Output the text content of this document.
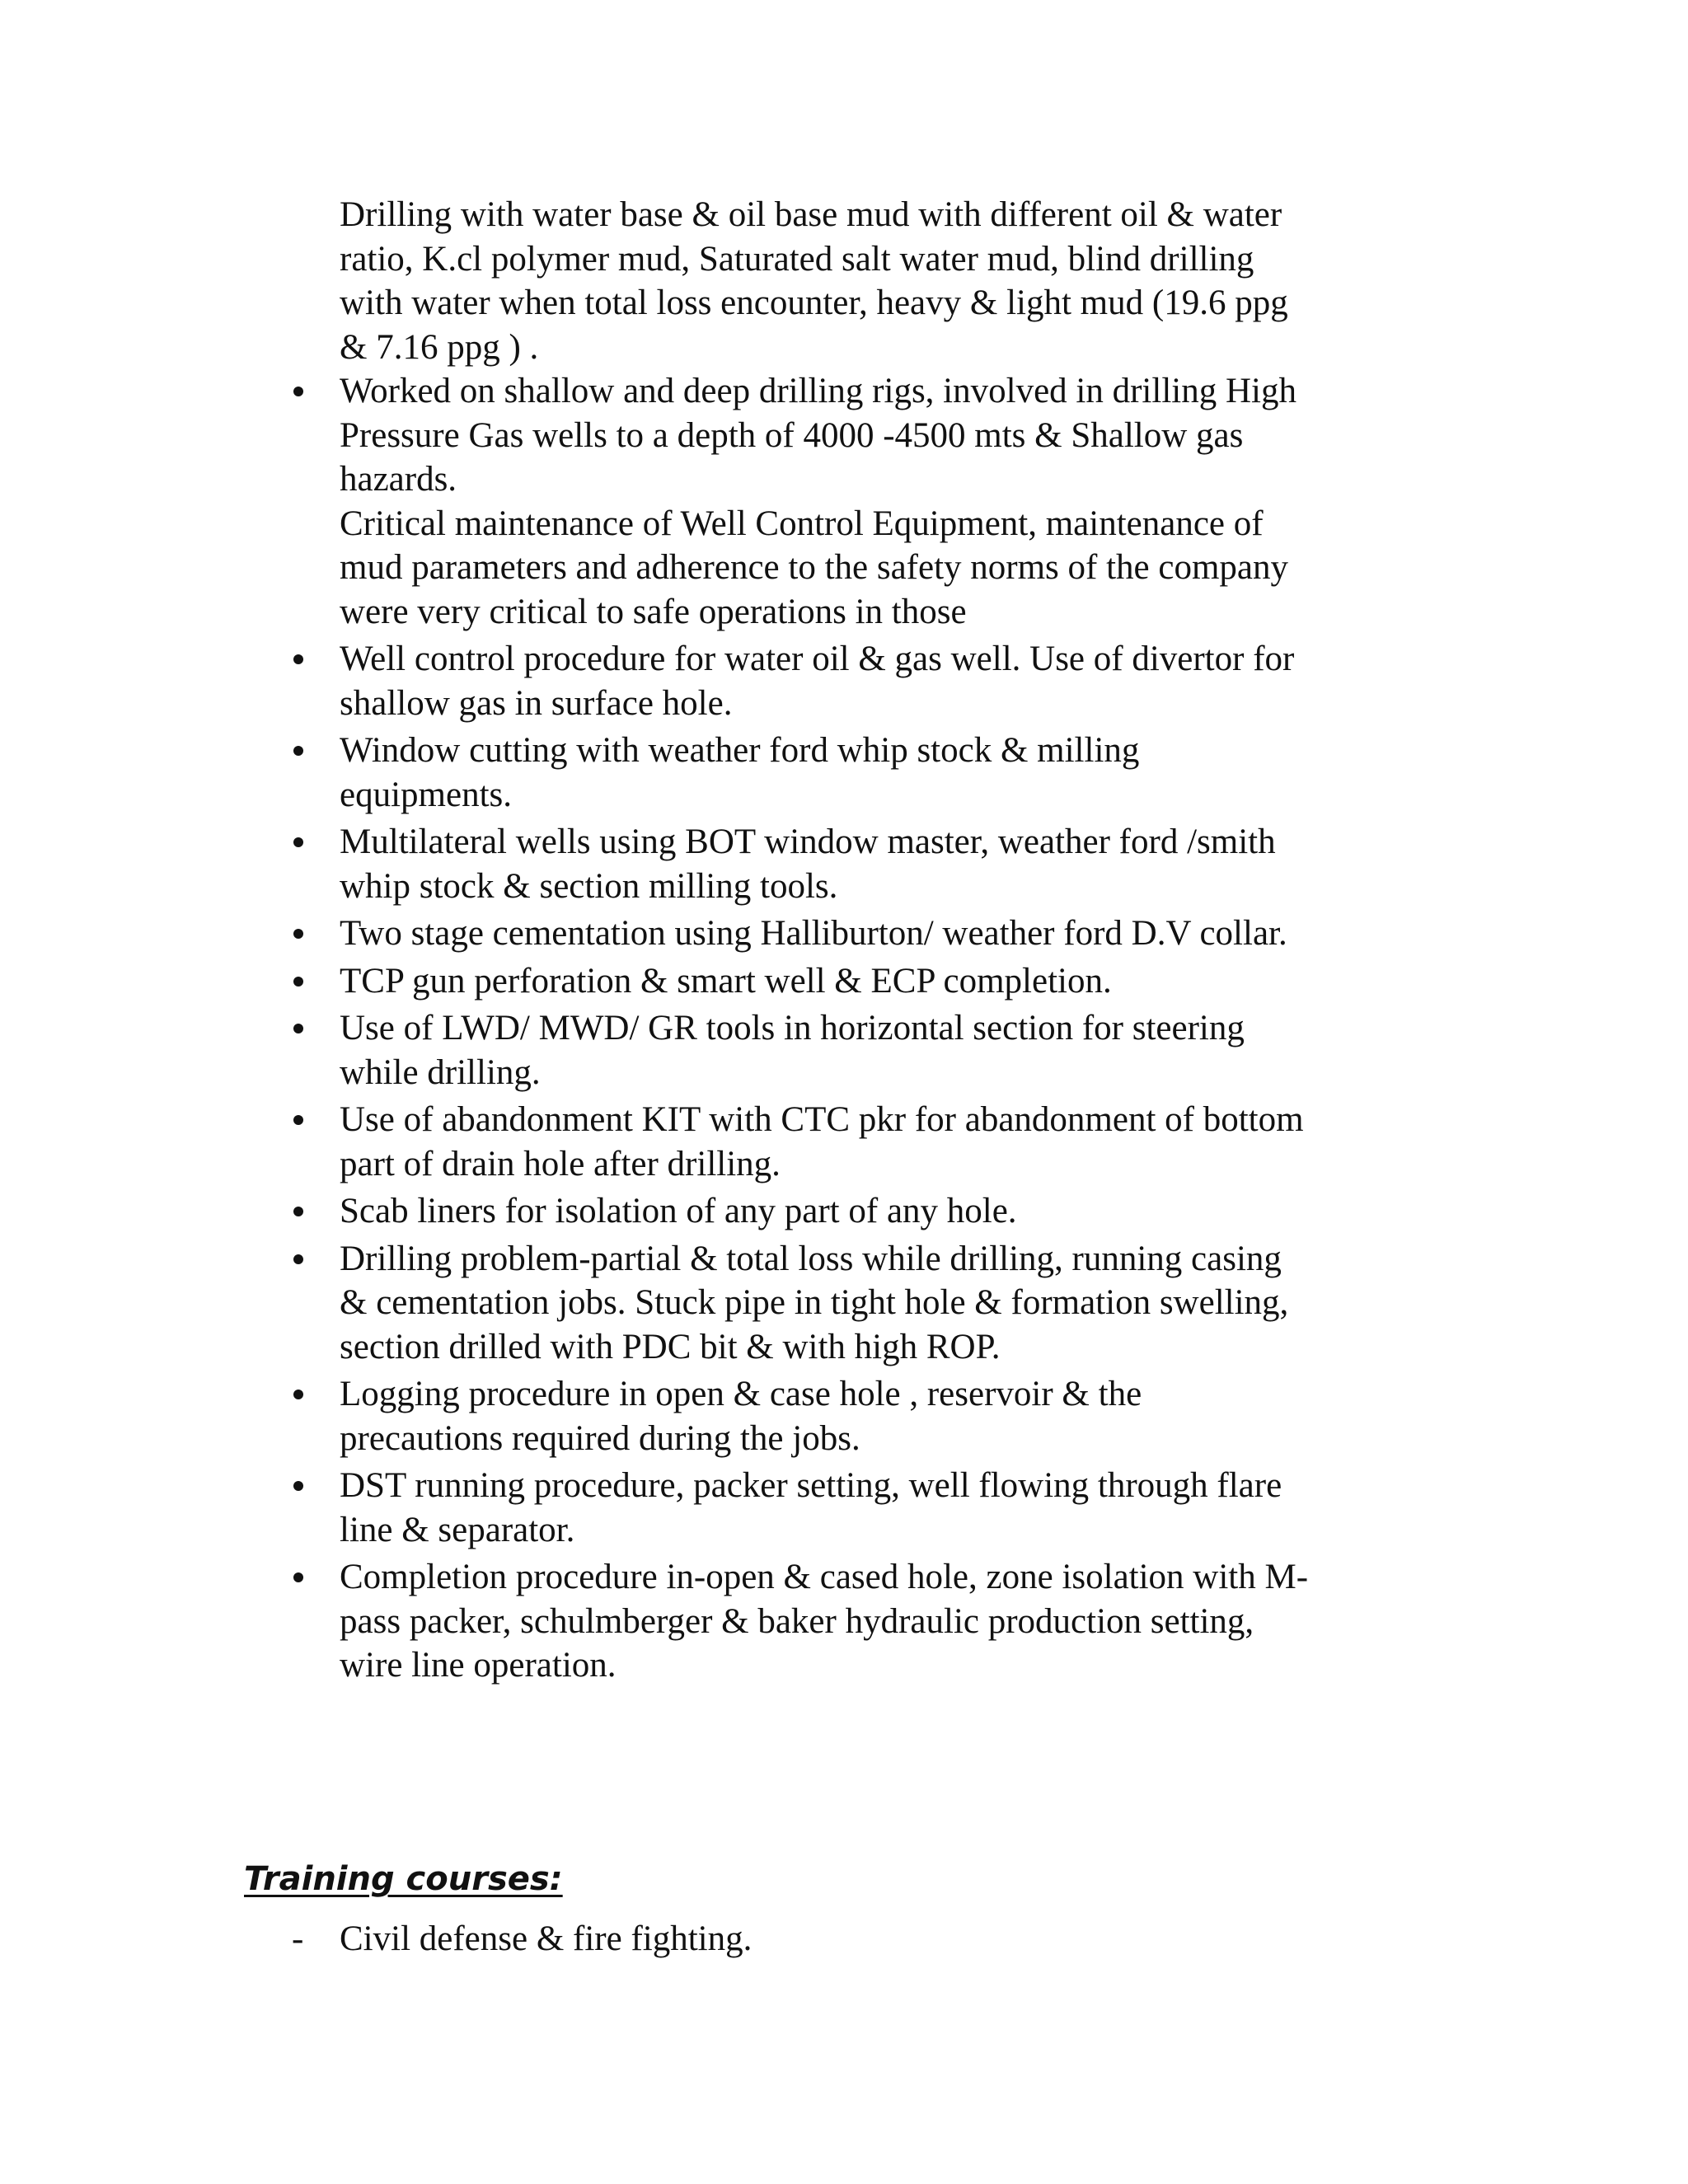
Drilling with water base & oil base mud with different oil & water
ratio, K.cl polymer mud, Saturated salt water mud, blind drilling
with water when total loss encounter, heavy & light mud (19.6 ppg
& 7.16 ppg ) .

Worked on shallow and deep drilling rigs, involved in drilling High
Pressure Gas wells to a depth of 4000 -4500 mts & Shallow gas
hazards.
Critical maintenance of Well Control Equipment, maintenance of
mud parameters and adherence to the safety norms of the company
were very critical to safe operations in those
Well control procedure for water oil & gas well. Use of divertor for
shallow gas in surface hole.
Window cutting with weather ford whip stock & milling
equipments.
Multilateral wells using BOT window master, weather ford /smith
whip stock & section milling tools.
Two stage cementation using Halliburton/ weather ford D.V collar.
TCP gun perforation & smart well & ECP completion.
Use of LWD/ MWD/ GR tools in horizontal section for steering
while drilling.
Use of abandonment KIT with CTC pkr for abandonment of bottom
part of drain hole after drilling.
Scab liners for isolation of any part of any hole.
Drilling problem-partial & total loss while drilling, running casing
& cementation jobs. Stuck pipe in tight hole & formation swelling,
section drilled with PDC bit & with high ROP.
Logging procedure in open & case hole , reservoir & the
precautions required during the jobs.
DST running procedure, packer setting, well flowing through flare
line & separator.
Completion procedure in-open & cased hole, zone isolation with M-
pass packer, schulmberger & baker hydraulic production setting,
wire line operation.
Training courses:
- Civil defense & fire fighting.
